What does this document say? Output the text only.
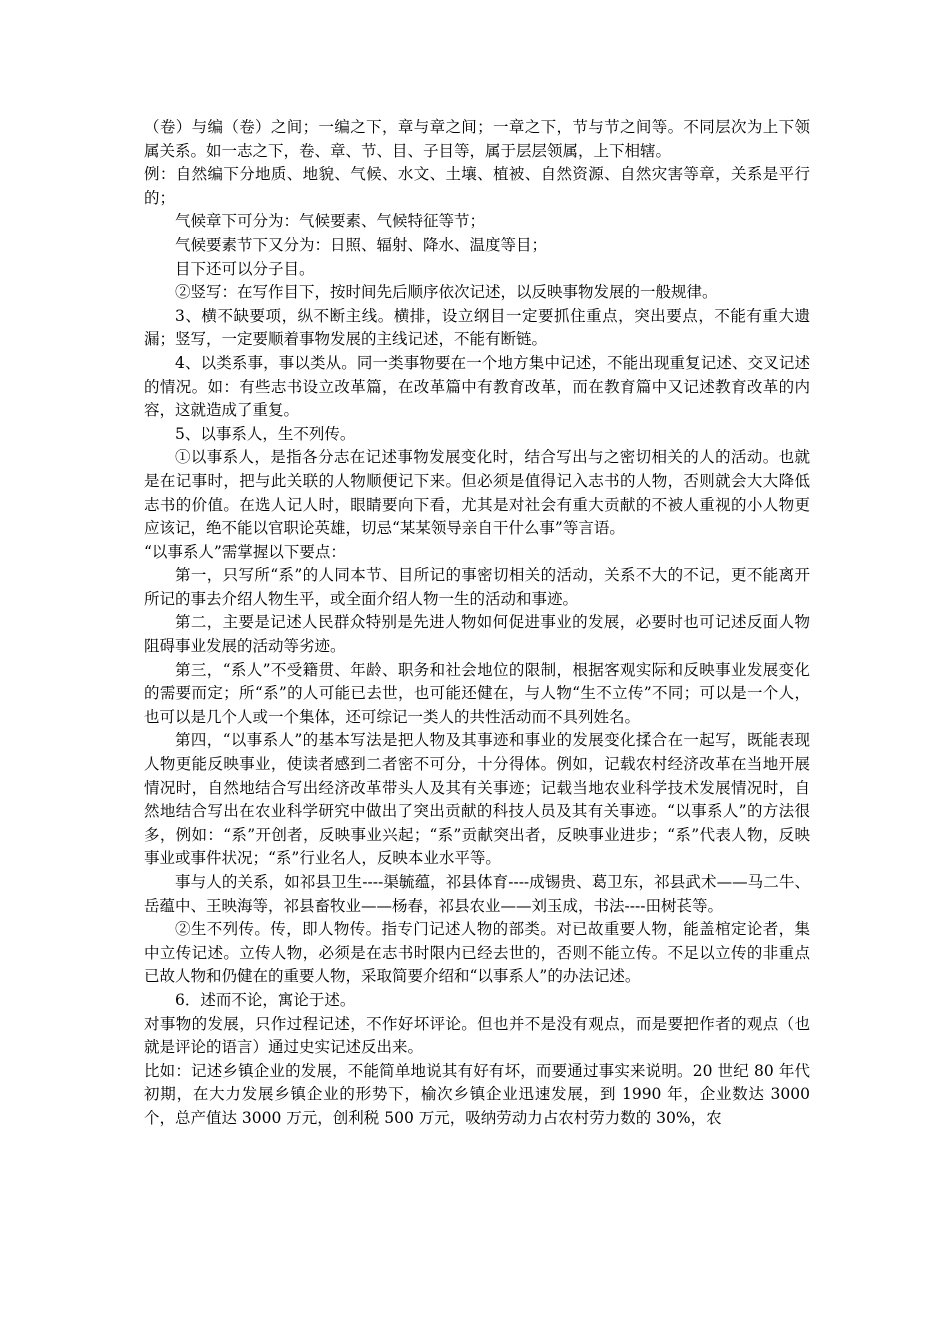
（卷）与编（卷）之间；一编之下，章与章之间；一章之下，节与节之间等。不同层次为上下领属关系。如一志之下，卷、章、节、目、子目等，属于层层领属，上下相辖。

例：自然编下分地质、地貌、气候、水文、土壤、植被、自然资源、自然灾害等章，关系是平行的；

气候章下可分为：气候要素、气候特征等节；

气候要素节下又分为：日照、辐射、降水、温度等目；

目下还可以分子目。

②竖写：在写作目下，按时间先后顺序依次记述，以反映事物发展的一般规律。

3、横不缺要项，纵不断主线。横排，设立纲目一定要抓住重点，突出要点，不能有重大遗漏；竖写，一定要顺着事物发展的主线记述，不能有断链。

4、以类系事，事以类从。同一类事物要在一个地方集中记述，不能出现重复记述、交叉记述的情况。如：有些志书设立改革篇，在改革篇中有教育改革，而在教育篇中又记述教育改革的内容，这就造成了重复。

5、以事系人，生不列传。

①以事系人，是指各分志在记述事物发展变化时，结合写出与之密切相关的人的活动。也就是在记事时，把与此关联的人物顺便记下来。但必须是值得记入志书的人物，否则就会大大降低志书的价值。在选人记人时，眼睛要向下看，尤其是对社会有重大贡献的不被人重视的小人物更应该记，绝不能以官职论英雄，切忌“某某领导亲自干什么事”等言语。

“以事系人”需掌握以下要点：

第一，只写所“系”的人同本节、目所记的事密切相关的活动，关系不大的不记，更不能离开所记的事去介绍人物生平，或全面介绍人物一生的活动和事迹。

第二，主要是记述人民群众特别是先进人物如何促进事业的发展，必要时也可记述反面人物阻碍事业发展的活动等劣迹。

第三，“系人”不受籍贯、年龄、职务和社会地位的限制，根据客观实际和反映事业发展变化的需要而定；所“系”的人可能已去世，也可能还健在，与人物“生不立传”不同；可以是一个人，也可以是几个人或一个集体，还可综记一类人的共性活动而不具列姓名。

第四，“以事系人”的基本写法是把人物及其事迹和事业的发展变化揉合在一起写，既能表现人物更能反映事业，使读者感到二者密不可分，十分得体。例如，记载农村经济改革在当地开展情况时，自然地结合写出经济改革带头人及其有关事迹；记载当地农业科学技术发展情况时，自然地结合写出在农业科学研究中做出了突出贡献的科技人员及其有关事迹。“以事系人”的方法很多，例如：“系”开创者，反映事业兴起；“系”贡献突出者，反映事业进步；“系”代表人物，反映事业或事件状况；“系”行业名人，反映本业水平等。

事与人的关系，如祁县卫生----渠毓蕴，祁县体育----成锡贵、葛卫东，祁县武术——马二牛、岳蕴中、王映海等，祁县畜牧业——杨春，祁县农业——刘玉成，书法----田树苌等。

②生不列传。传，即人物传。指专门记述人物的部类。对已故重要人物，能盖棺定论者，集中立传记述。立传人物，必须是在志书时限内已经去世的，否则不能立传。不足以立传的非重点已故人物和仍健在的重要人物，采取简要介绍和“以事系人”的办法记述。

6．述而不论，寓论于述。

对事物的发展，只作过程记述，不作好坏评论。但也并不是没有观点，而是要把作者的观点（也就是评论的语言）通过史实记述反出来。

比如：记述乡镇企业的发展，不能简单地说其有好有坏，而要通过事实来说明。20 世纪 80 年代初期，在大力发展乡镇企业的形势下，榆次乡镇企业迅速发展，到 1990 年，企业数达 3000 个，总产值达 3000 万元，创利税 500 万元，吸纳劳动力占农村劳力数的 30%，农
